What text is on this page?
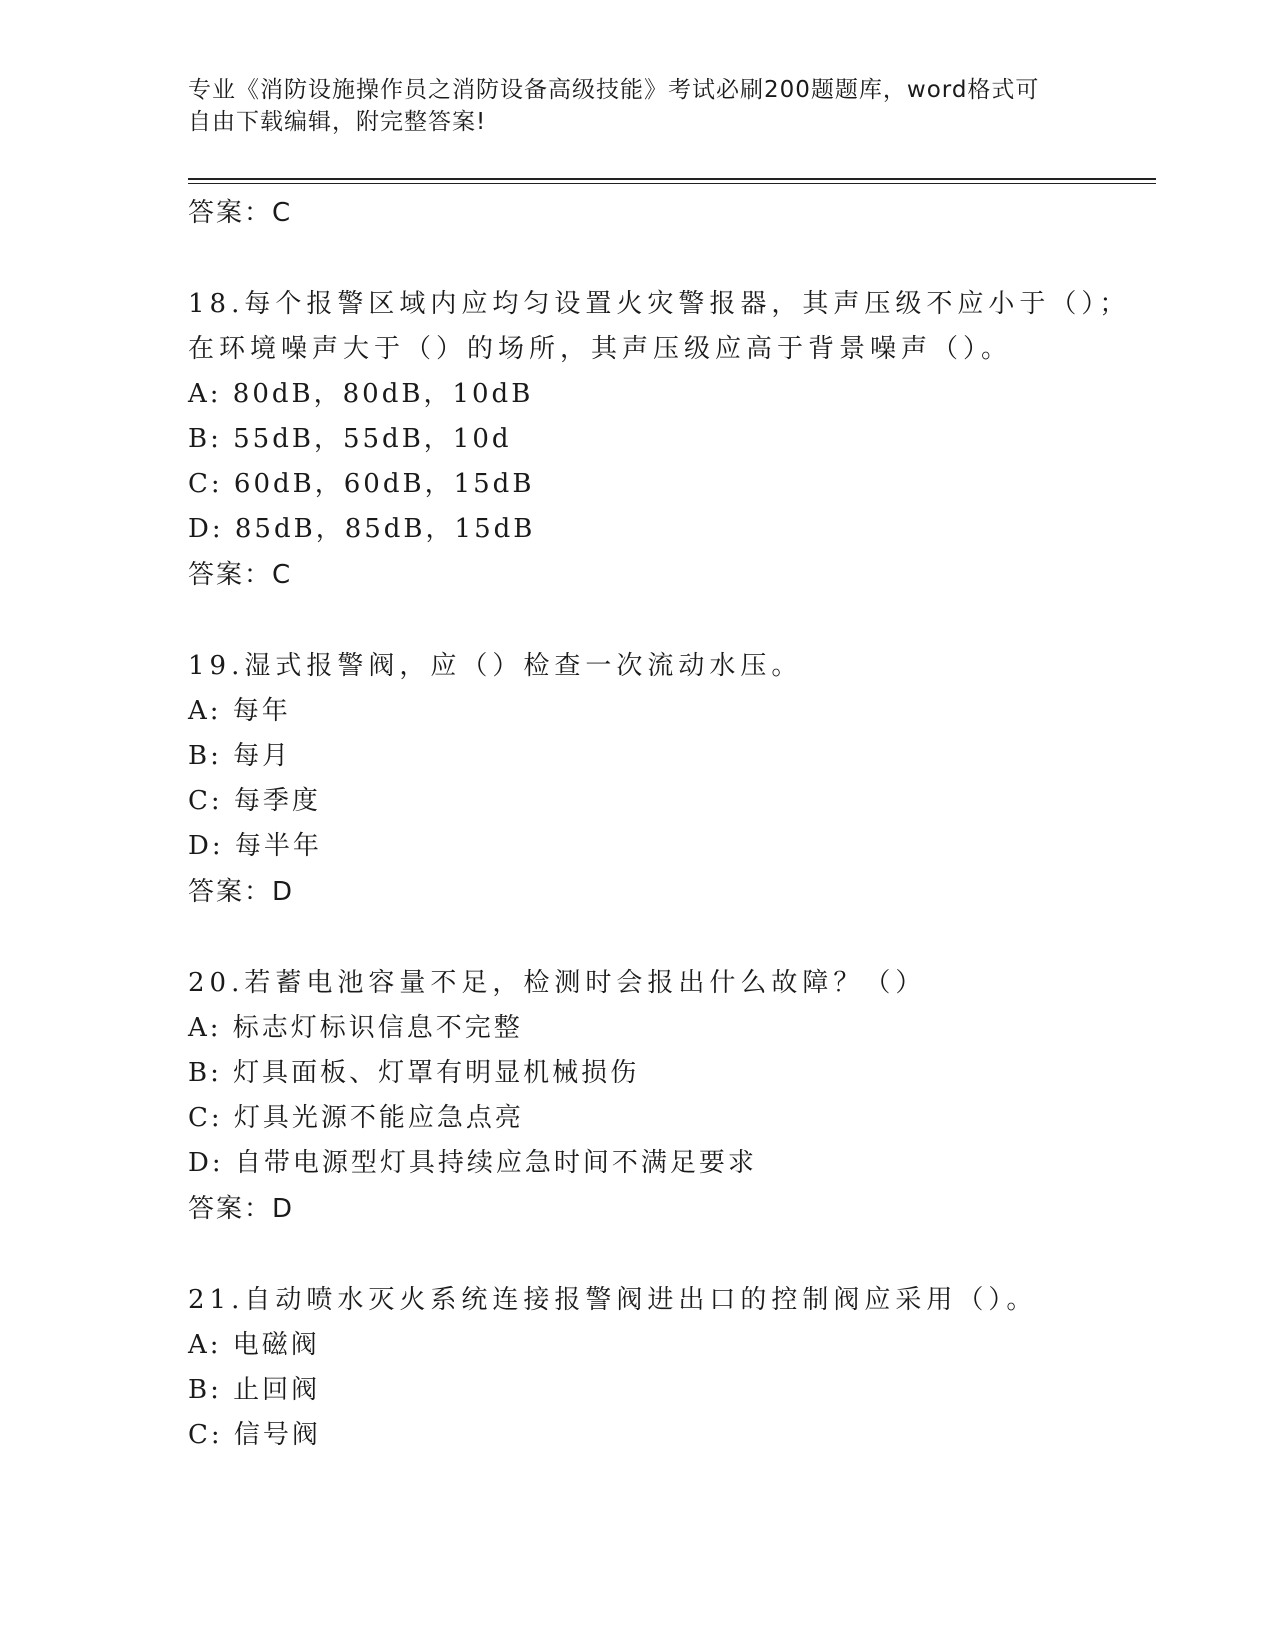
专业《消防设施操作员之消防设备高级技能》考试必刷200题题库，word格式可
自由下载编辑，附完整答案!
答案：C
18.每个报警区域内应均匀设置火灾警报器，其声压级不应小于（）；
在环境噪声大于（）的场所，其声压级应高于背景噪声（）。
A: 80dB，80dB，10dB
B: 55dB，55dB，10d
C: 60dB，60dB，15dB
D: 85dB，85dB，15dB
答案：C
19.湿式报警阀，应（）检查一次流动水压。
A: 每年
B: 每月
C: 每季度
D: 每半年
答案：D
20.若蓄电池容量不足，检测时会报出什么故障？（）
A: 标志灯标识信息不完整
B: 灯具面板、灯罩有明显机械损伤
C: 灯具光源不能应急点亮
D: 自带电源型灯具持续应急时间不满足要求
答案：D
21.自动喷水灭火系统连接报警阀进出口的控制阀应采用（）。
A: 电磁阀
B: 止回阀
C: 信号阀
